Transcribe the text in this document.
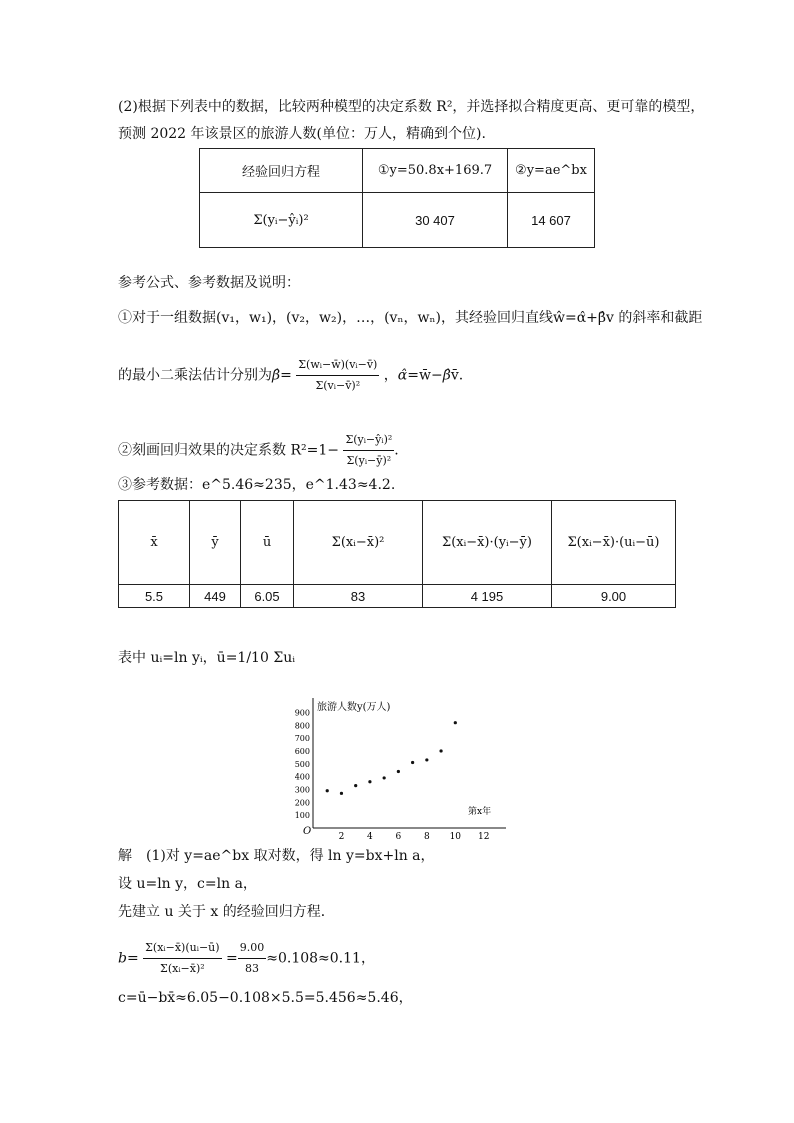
(2)根据下列表中的数据，比较两种模型的决定系数 R²，并选择拟合精度更高、更可靠的模型，
预测 2022 年该景区的旅游人数(单位：万人，精确到个位).
经验回归方程	①y=50.8x+169.7	②y=ae^bx
Σ(yᵢ−ŷᵢ)²	30 407	14 607
参考公式、参考数据及说明：
①对于一组数据(v₁，w₁)，(v₂，w₂)，…，(vₙ，wₙ)，其经验回归直线ŵ=α̂+β̂v 的斜率和截距
的最小二乘法估计分别为β̂= $\frac{\text{Σ(wᵢ−w̄)(vᵢ−v̄)}}{\text{Σ(vᵢ−v̄)²}}$ ，α̂=w̄−β̂v̄.
②刻画回归效果的决定系数 $R^2=1- \frac{\text{Σ(yᵢ−ŷᵢ)²}}{\text{Σ(yᵢ−ȳ)²}}$ .
③参考数据：e^5.46≈235，e^1.43≈4.2.
x̄	ȳ	ū	Σ(xᵢ−x̄)²	Σ(xᵢ−x̄)·(yᵢ−ȳ)	Σ(xᵢ−x̄)·(uᵢ−ū)
5.5	449	6.05	83	4 195	9.00
表中 uᵢ=ln yᵢ，ū=1/10 Σuᵢ
O
旅游人数y(万人)
第x年
100
200
300
400
500
600
700
800
900
2	4	6	8 10 12
解　(1)对 y=ae^bx 取对数，得 ln y=bx+ln a，
设 u=ln y，c=ln a，
先建立 u 关于 x 的经验回归方程．
$b= \frac{\text{Σ(xᵢ−x̄)(uᵢ−ū)}}{\text{Σ(xᵢ−x̄)²}} = \frac{9.00}{83} \approx 0.108\approx 0.11$，
c=ū−bx̄≈6.05−0.108×5.5=5.456≈5.46，
